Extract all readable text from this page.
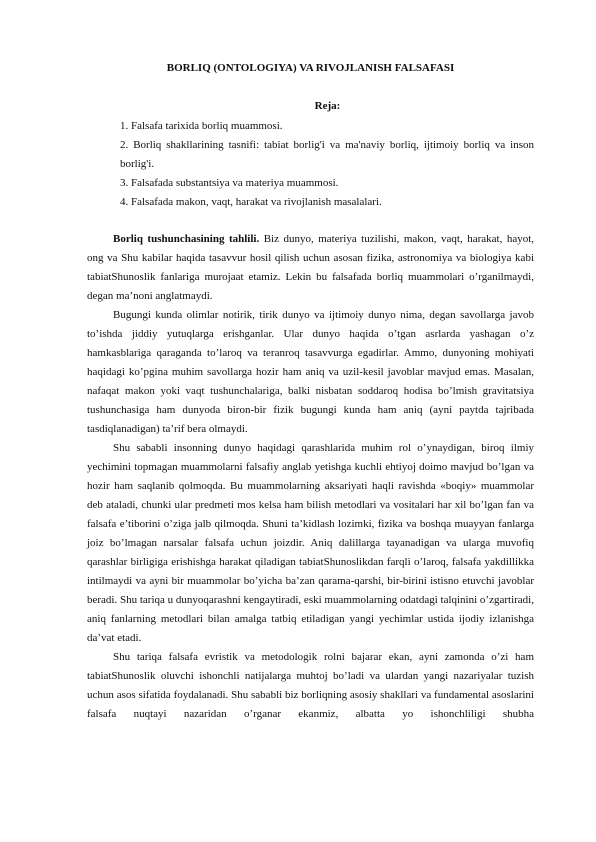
BORLIQ (ONTOLOGIYA) VA RIVOJLANISH FALSAFASI
Reja:
1. Falsafa tarixida borliq muammosi.
2. Borliq shakllarining tasnifi: tabiat borlig'i va ma'naviy borliq, ijtimoiy borliq va inson borlig'i.
3. Falsafada substantsiya va materiya muammosi.
4. Falsafada makon, vaqt, harakat va rivojlanish masalalari.

Borliq tushunchasining tahlili. Biz dunyo, materiya tuzilishi, makon, vaqt, harakat, hayot, ong va Shu kabilar haqida tasavvur hosil qilish uchun asosan fizika, astronomiya va biologiya kabi tabiatShunoslik fanlariga murojaat etamiz. Lekin bu falsafada borliq muammolari o’rganilmaydi, degan ma’noni anglatmaydi.

Bugungi kunda olimlar notirik, tirik dunyo va ijtimoiy dunyo nima, degan savollarga javob to’ishda jiddiy yutuqlarga erishganlar. Ular dunyo haqida o’tgan asrlarda yashagan o’z hamkasblariga qaraganda to’laroq va teranroq tasavvurga egadirlar. Ammo, dunyoning mohiyati haqidagi ko’pgina muhim savollarga hozir ham aniq va uzil-kesil javoblar mavjud emas. Masalan, nafaqat makon yoki vaqt tushunchalariga, balki nisbatan soddaroq hodisa bo’lmish gravitatsiya tushunchasiga ham dunyoda biron-bir fizik bugungi kunda ham aniq (ayni paytda tajribada tasdiqlanadigan) ta’rif bera olmaydi.

Shu sababli insonning dunyo haqidagi qarashlarida muhim rol o’ynaydigan, biroq ilmiy yechimini topmagan muammolarni falsafiy anglab yetishga kuchli ehtiyoj doimo mavjud bo’lgan va hozir ham saqlanib qolmoqda. Bu muammolarning aksariyati haqli ravishda «boqiy» muammolar deb ataladi, chunki ular predmeti mos kelsa ham bilish metodlari va vositalari har xil bo’lgan fan va falsafa e’tiborini o’ziga jalb qilmoqda. Shuni ta’kidlash lozimki, fizika va boshqa muayyan fanlarga joiz bo’lmagan narsalar falsafa uchun joizdir. Aniq dalillarga tayanadigan va ularga muvofiq qarashlar birligiga erishishga harakat qiladigan tabiatShunoslikdan farqli o’laroq, falsafa yakdillikka intilmaydi va ayni bir muammolar bo’yicha ba’zan qarama-qarshi, bir-birini istisno etuvchi javoblar beradi. Shu tariqa u dunyoqarashni kengaytiradi, eski muammolarning odatdagi talqinini o’zgartiradi, aniq fanlarning metodlari bilan amalga tatbiq etiladigan yangi yechimlar ustida ijodiy izlanishga da’vat etadi.

Shu tariqa falsafa evristik va metodologik rolni bajarar ekan, ayni zamonda o’zi ham tabiatShunoslik oluvchi ishonchli natijalarga muhtoj bo’ladi va ulardan yangi nazariyalar tuzish uchun asos sifatida foydalanadi. Shu sababli biz borliqning asosiy shakllari va fundamental asoslarini falsafa nuqtayi nazaridan o’rganar ekanmiz, albatta yo ishonchliligi shubha
